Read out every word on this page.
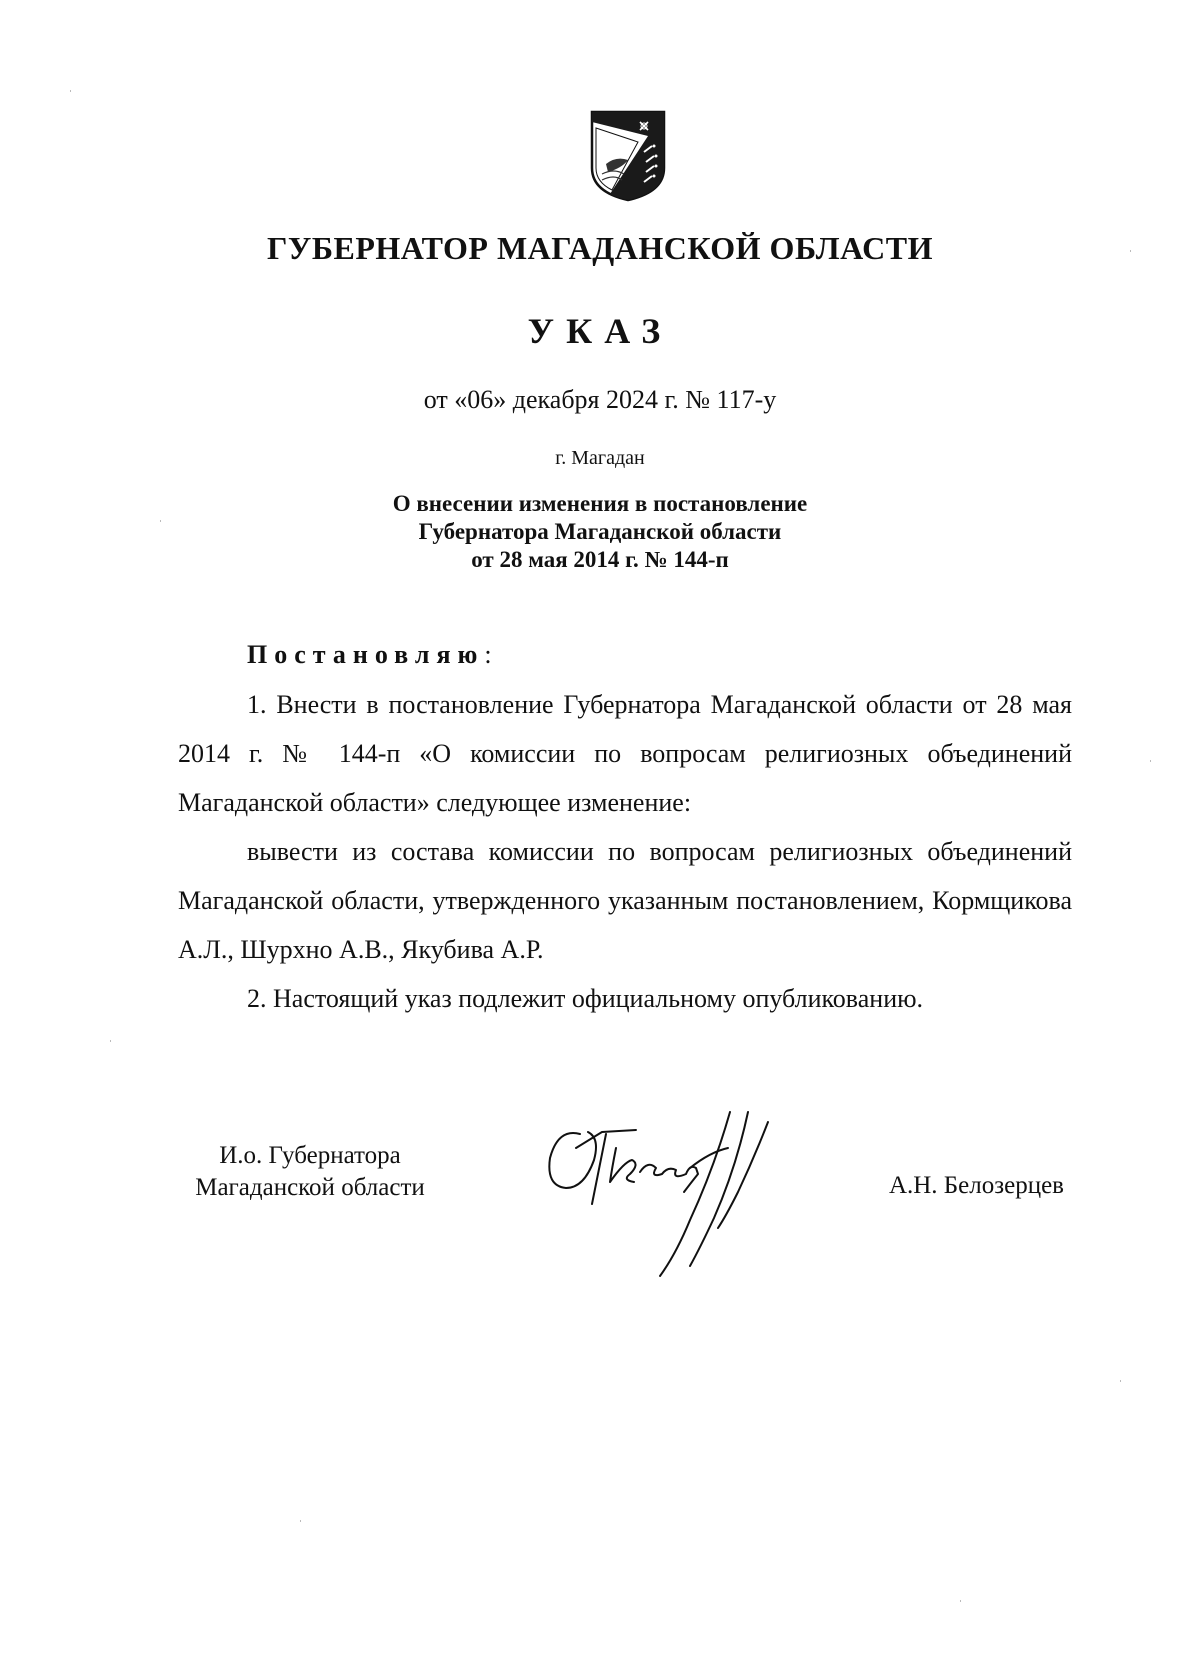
ГУБЕРНАТОР МАГАДАНСКОЙ ОБЛАСТИ
УКАЗ
от «06» декабря 2024 г. № 117-у
г. Магадан
О внесении изменения в постановление
Губернатора Магаданской области
от 28 мая 2014 г. № 144-п
Постановляю:

1. Внести в постановление Губернатора Магаданской области от 28 мая 2014 г. № 144-п «О комиссии по вопросам религиозных объединений Магаданской области» следующее изменение:

вывести из состава комиссии по вопросам религиозных объединений Магаданской области, утвержденного указанным постановлением, Кормщикова А.Л., Шурхно А.В., Якубива А.Р.

2. Настоящий указ подлежит официальному опубликованию.

И.о. Губернатора
Магаданской области	А.Н. Белозерцев
